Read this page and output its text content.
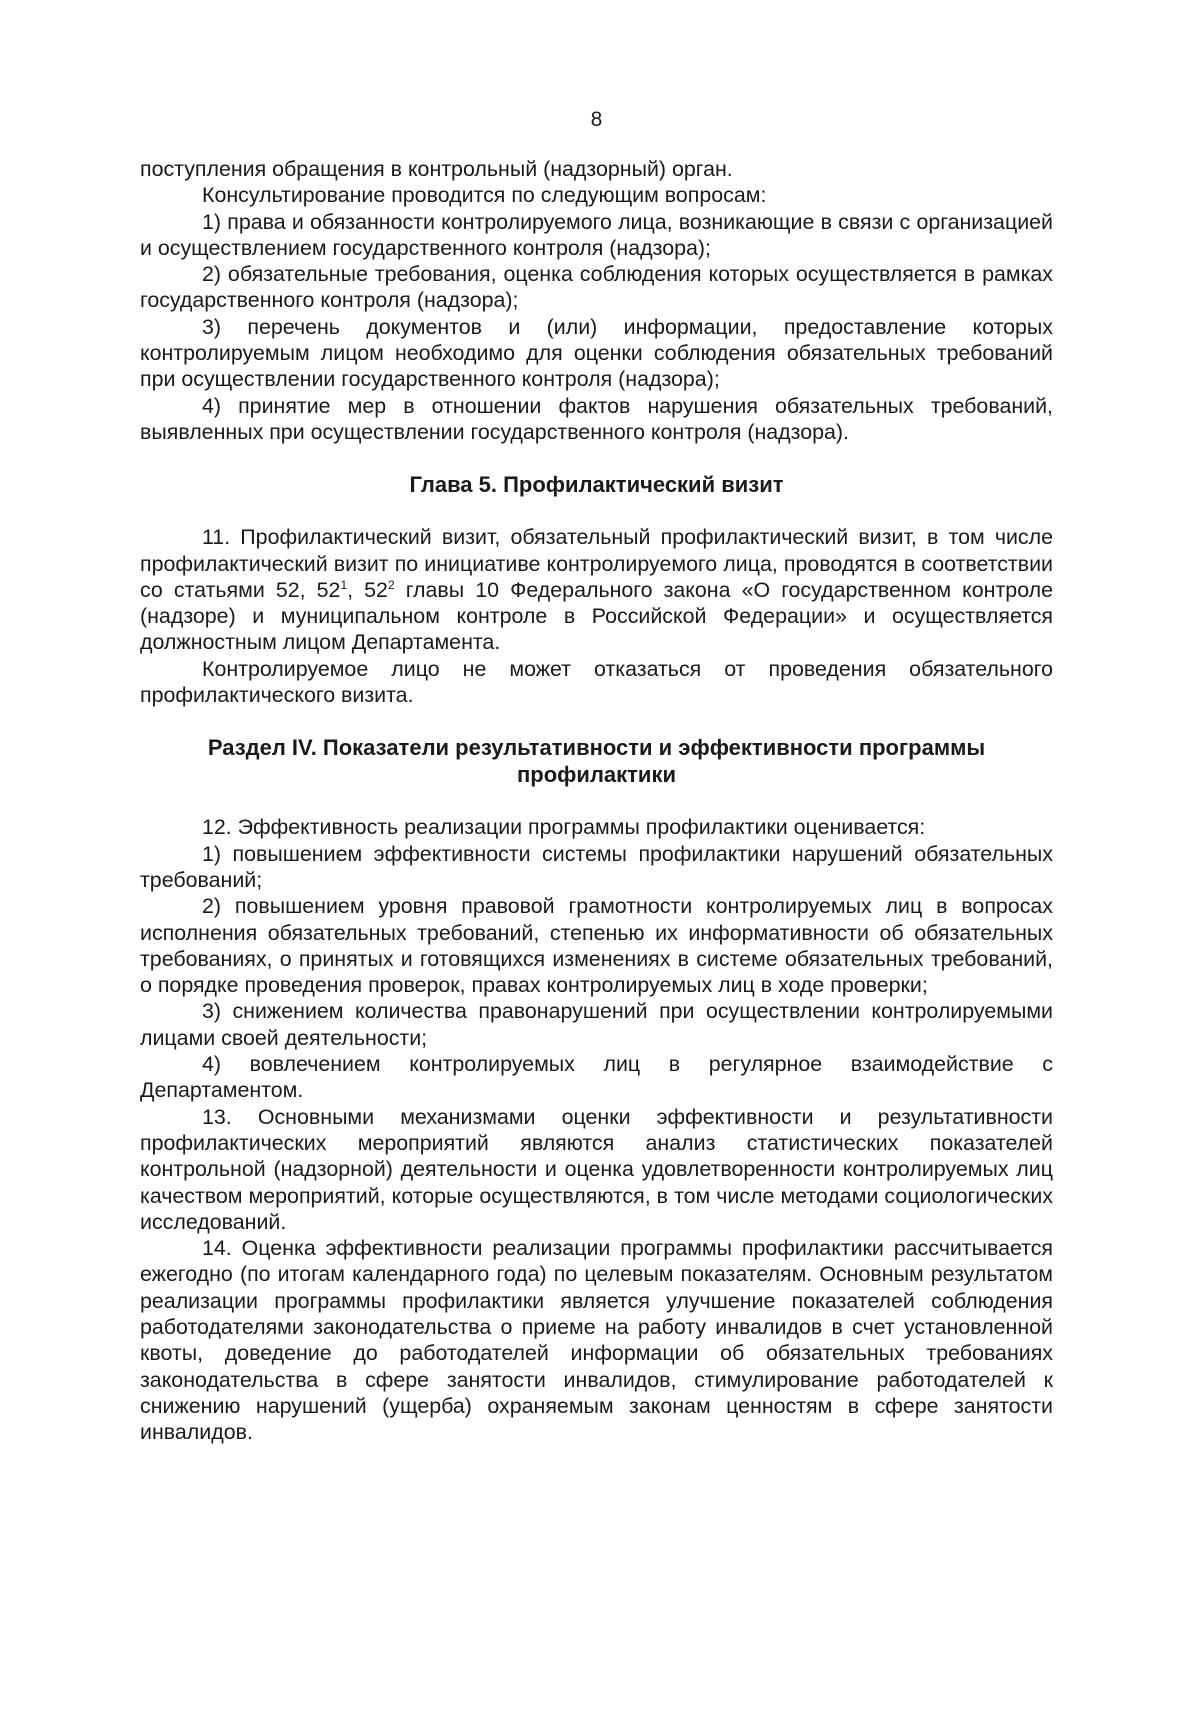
8

поступления обращения в контрольный (надзорный) орган.

Консультирование проводится по следующим вопросам:

1) права и обязанности контролируемого лица, возникающие в связи с организацией и осуществлением государственного контроля (надзора);

2) обязательные требования, оценка соблюдения которых осуществляется в рамках государственного контроля (надзора);

3) перечень документов и (или) информации, предоставление которых контролируемым лицом необходимо для оценки соблюдения обязательных требований при осуществлении государственного контроля (надзора);

4) принятие мер в отношении фактов нарушения обязательных требований, выявленных при осуществлении государственного контроля (надзора).

Глава 5. Профилактический визит

11. Профилактический визит, обязательный профилактический визит, в том числе профилактический визит по инициативе контролируемого лица, проводятся в соответствии со статьями 52, $52^1$, $52^2$ главы 10 Федерального закона «О государственном контроле (надзоре) и муниципальном контроле в Российской Федерации» и осуществляется должностным лицом Департамента.

Контролируемое лицо не может отказаться от проведения обязательного профилактического визита.

Раздел IV. Показатели результативности и эффективности программы
профилактики

12. Эффективность реализации программы профилактики оценивается:

1) повышением эффективности системы профилактики нарушений обязательных требований;

2) повышением уровня правовой грамотности контролируемых лиц в вопросах исполнения обязательных требований, степенью их информативности об обязательных требованиях, о принятых и готовящихся изменениях в системе обязательных требований, о порядке проведения проверок, правах контролируемых лиц в ходе проверки;

3) снижением количества правонарушений при осуществлении контролируемыми лицами своей деятельности;

4) вовлечением контролируемых лиц в регулярное взаимодействие с Департаментом.

13. Основными механизмами оценки эффективности и результативности профилактических мероприятий являются анализ статистических показателей контрольной (надзорной) деятельности и оценка удовлетворенности контролируемых лиц качеством мероприятий, которые осуществляются, в том числе методами социологических исследований.

14. Оценка эффективности реализации программы профилактики рассчитывается ежегодно (по итогам календарного года) по целевым показателям. Основным результатом реализации программы профилактики является улучшение показателей соблюдения работодателями законодательства о приеме на работу инвалидов в счет установленной квоты, доведение до работодателей информации об обязательных требованиях законодательства в сфере занятости инвалидов, стимулирование работодателей к снижению нарушений (ущерба) охраняемым законам ценностям в сфере занятости инвалидов.
